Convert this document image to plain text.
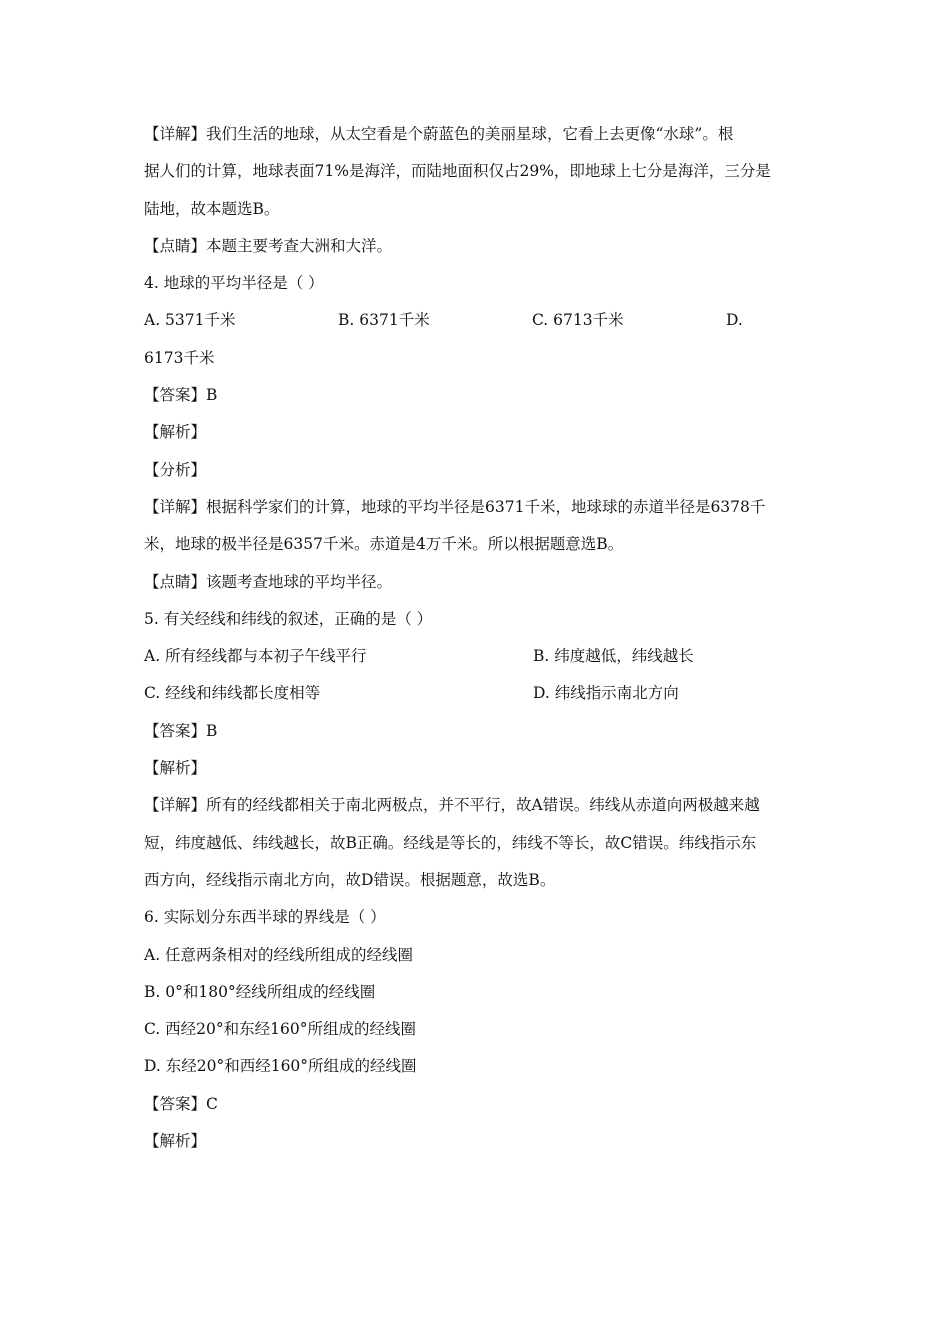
【详解】我们生活的地球，从太空看是个蔚蓝色的美丽星球，它看上去更像“水球”。根
据人们的计算，地球表面71%是海洋，而陆地面积仅占29%，即地球上七分是海洋，三分是
陆地，故本题选B。
【点睛】本题主要考查大洲和大洋。
4. 地球的平均半径是（ ）
A. 5371千米	B. 6371千米	C. 6713千米	D.
6173千米
【答案】B
【解析】
【分析】
【详解】根据科学家们的计算，地球的平均半径是6371千米，地球球的赤道半径是6378千
米，地球的极半径是6357千米。赤道是4万千米。所以根据题意选B。
【点睛】该题考查地球的平均半径。
5. 有关经线和纬线的叙述，正确的是（ ）
A. 所有经线都与本初子午线平行	B. 纬度越低，纬线越长
C. 经线和纬线都长度相等	D. 纬线指示南北方向
【答案】B
【解析】
【详解】所有的经线都相关于南北两极点，并不平行，故A错误。纬线从赤道向两极越来越
短，纬度越低、纬线越长，故B正确。经线是等长的，纬线不等长，故C错误。纬线指示东
西方向，经线指示南北方向，故D错误。根据题意，故选B。
6. 实际划分东西半球的界线是（ ）
A. 任意两条相对的经线所组成的经线圈
B. 0°和180°经线所组成的经线圈
C. 西经20°和东经160°所组成的经线圈
D. 东经20°和西经160°所组成的经线圈
【答案】C
【解析】
